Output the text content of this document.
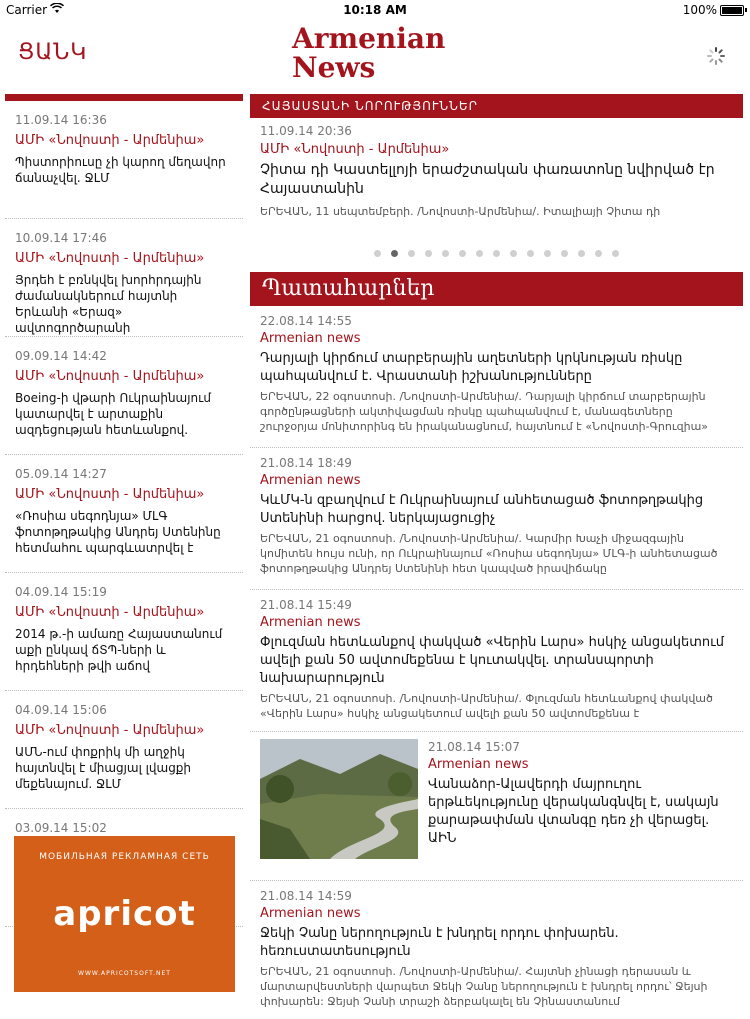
Carrier	10:18 AM	100%
ՑԱՆԿ	Armenian
News
11.09.14 16:36
ԱՄԻ «Նովոստի - Արմենիա»
Պիստորիուսը չի կարող մեղավոր ճանաչվել. ՋԼՄ
10.09.14 17:46
ԱՄԻ «Նովոստի - Արմենիա»
Յրդեհ է բռնկվել խորհրդային ժամանակներում հայտնի Երևանի «Երազ» ավտոգործարանի
09.09.14 14:42
ԱՄԻ «Նովոստի - Արմենիա»
Boeing-ի վթարի Ուկրաինայում կատարվել է արտաքին ազդեցության հետևանքով.
05.09.14 14:27
ԱՄԻ «Նովոստի - Արմենիա»
«Ռոսիա սեգոդնյա» ՄԼԳ ֆոտոթղթակից Անդրեյ Ստենինը հետմահու պարգևատրվել է
04.09.14 15:19
ԱՄԻ «Նովոստի - Արմենիա»
2014 թ.-ի ամառը Հայաստանում աքի ընկավ ճՏՊ-ների և հրդեհների թվի աճով
04.09.14 15:06
ԱՄԻ «Նովոստի - Արմենիա»
ԱՄՆ-ում փոքրիկ մի աղջիկ հայտնվել է միացյալ լվացքի մեքենայում. ՋԼՄ
03.09.14 15:02
МОБИЛЬНАЯ РЕКЛАМНАЯ СЕТЬ
apricot
WWW.APRICOTSOFT.NET
ՀԱՅԱՍՏԱՆԻ ՆՈՐՈՒԹՅՈՒՆՆԵՐ
11.09.14 20:36
ԱՄԻ «Նովոստի - Արմենիա»
Չիտա դի Կաստելլոյի երաժշտական փառատոնը նվիրված էր Հայաստանին
ԵՐԵՎԱՆ, 11 սեպտեմբերի. /Նովոստի-Արմենիա/. Իտալիայի Չիտա դի
Պատահարներ
22.08.14 14:55
Armenian news
Դարյալի կիրճում տարբերային աղետների կրկնության ռիսկը պահպանվում է. Վրաստանի իշխանությունները
ԵՐԵՎԱՆ, 22 օգոստոսի. /Նովոստի-Արմենիա/. Դարյալի կիրճում տարբերային գործընթացների ակտիվացման ռիսկը պահպանվում է, մանագետները շուրջօրյա մոնիտորինգ են իրականացնում, հայտնում է «Նովոստի-Գրուզիա»
21.08.14 18:49
Armenian news
ԿևՄԿ-ն զբաղվում է Ուկրաինայում անհետացած ֆոտոթղթակից Ստենինի հարցով. ներկայացուցիչ
ԵՐԵՎԱՆ, 21 օգոստոսի. /Նովոստի-Արմենիա/. Կարմիր Խաչի միջազգային կոմիտեն հույս ունի, որ Ուկրաինայում «Ռոսիա սեգոդնյա» ՄԼԳ-ի անհետացած ֆոտոթղթակից Անդրեյ Ստենինի հետ կապված իրավիճակը
21.08.14 15:49
Armenian news
Փլուզման հետևանքով փակված «Վերին Լարս» հսկիչ անցակետում ավելի քան 50 ավտոմեքենա է կուտակվել. տրանսպորտի նախարարություն
ԵՐԵՎԱՆ, 21 օգոստոսի. /Նովոստի-Արմենիա/. Փլուզման հետևանքով փակված «Վերին Լարս» հսկիչ անցակետում ավելի քան 50 ավտոմեքենա է
21.08.14 15:07
Armenian news
Վանաձոր-Ալավերդի մայրուղու երթևեկությունը վերականգնվել է, սակայն քարաթափման վտանգը դեռ չի վերացել. ԱԻՆ
21.08.14 14:59
Armenian news
Ջեկի Չանը ներողություն է խնդրել որդու փոխարեն. հեռուստատեսություն
ԵՐԵՎԱՆ, 21 օգոստոսի. /Նովոստի-Արմենիա/. Հայտնի չինացի դերասան և մարտարվեստների վարպետ Ջեկի Չանը ներողություն է խնդրել որդու՝ Ջեյսի փոխարեն: Ջեյսի Չանի տրաշի ձերբակալել են Չինաստանում
